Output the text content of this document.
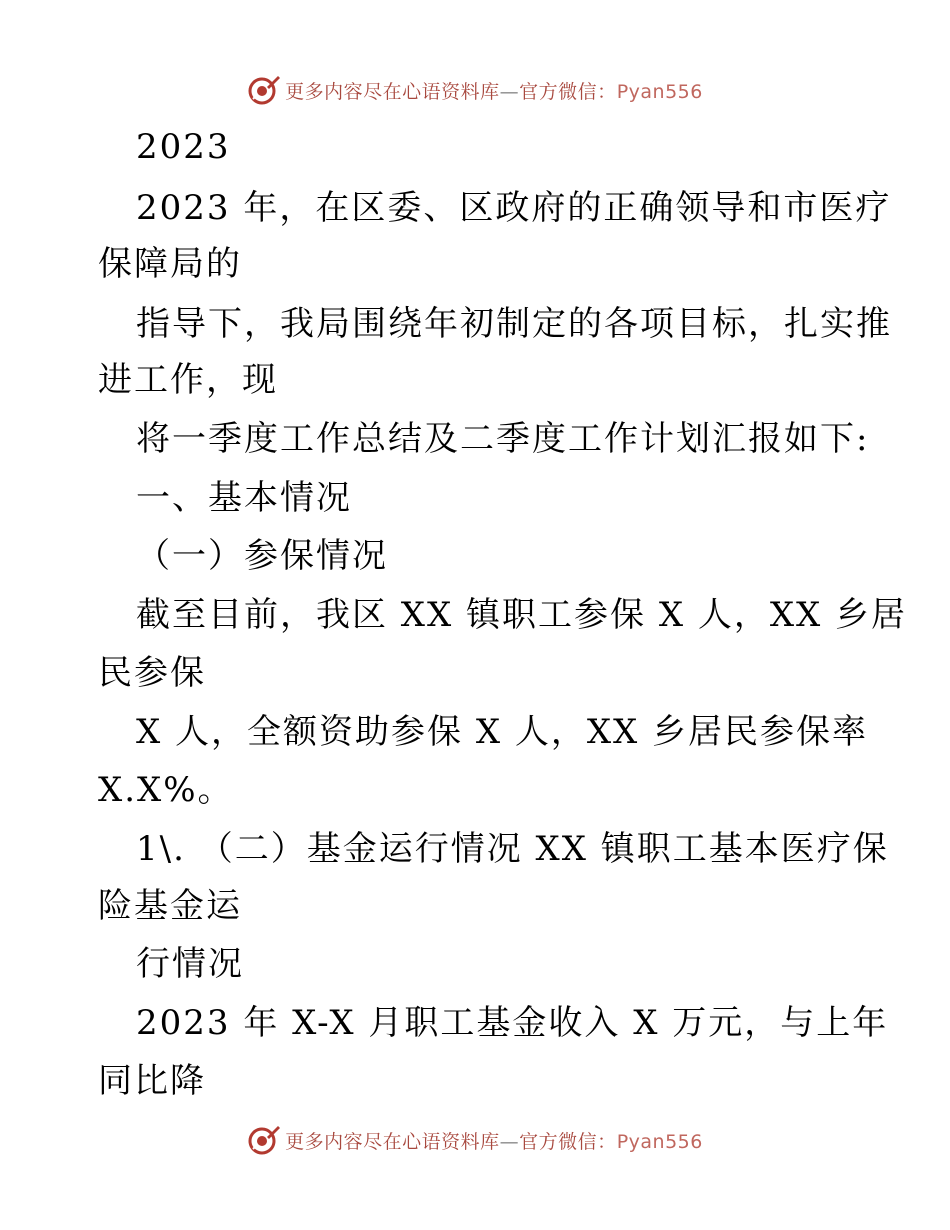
更多内容尽在心语资料库—官方微信：Pyan556
2023
2023 年，在区委、区政府的正确领导和市医疗
保障局的
指导下，我局围绕年初制定的各项目标，扎实推
进工作，现
将一季度工作总结及二季度工作计划汇报如下:
一、基本情况
（一）参保情况
截至目前，我区 XX 镇职工参保 X 人，XX 乡居
民参保
X 人，全额资助参保 X 人，XX 乡居民参保率
X.X%。
1\. （二）基金运行情况 XX 镇职工基本医疗保
险基金运
行情况
2023 年 X-X 月职工基金收入 X 万元，与上年
同比降
更多内容尽在心语资料库—官方微信：Pyan556
